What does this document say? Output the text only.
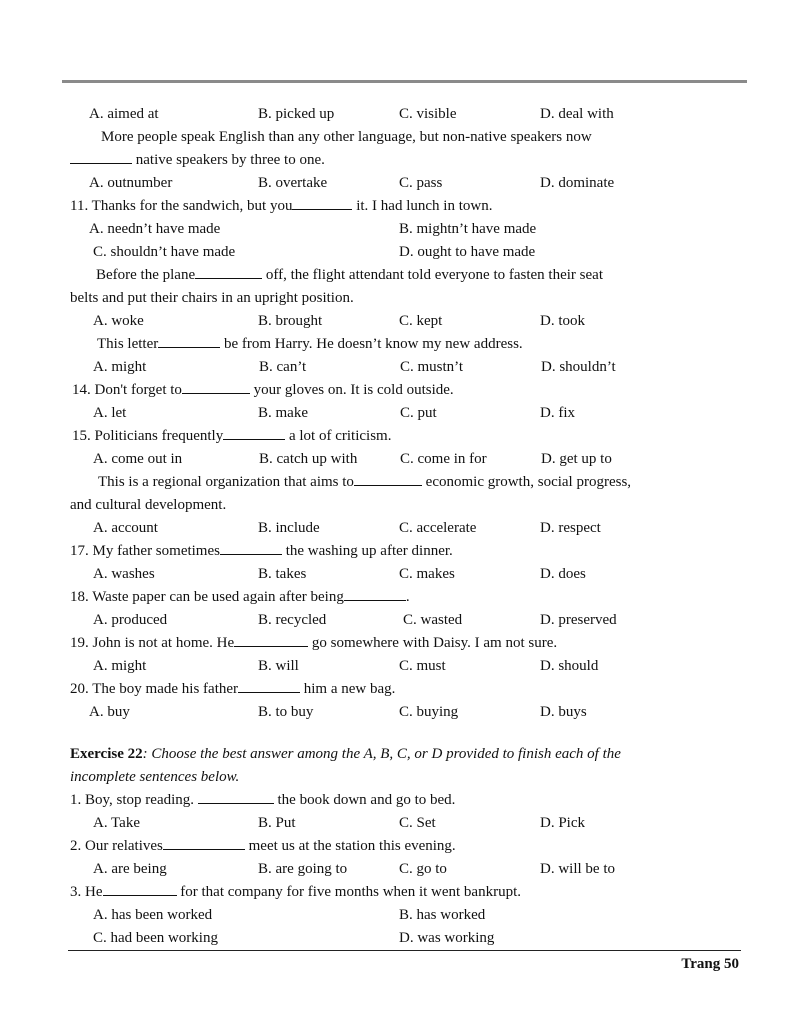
A. aimed at	B. picked up	C. visible	D. deal with
More people speak English than any other language, but non-native speakers now
native speakers by three to one.
A. outnumber	B. overtake	C. pass	D. dominate
11. Thanks for the sandwich, but you	it. I had lunch in town.
A. needn’t have made	B. mightn’t have made
C. shouldn’t have made	D. ought to have made
Before the plane	off, the flight attendant told everyone to fasten their seat
belts and put their chairs in an upright position.
A. woke	B. brought	C. kept	D. took
This letter	be from Harry. He doesn’t know my new address.
A. might	B. can’t	C. mustn’t	D. shouldn’t
14. Don't forget to	your gloves on. It is cold outside.
A. let	B. make	C. put	D. fix
15. Politicians frequently	a lot of criticism.
A. come out in	B. catch up with	C. come in for	D. get up to
This is a regional organization that aims to	economic growth, social progress,
and cultural development.
A. account	B. include	C. accelerate	D. respect
17. My father sometimes	the washing up after dinner.
A. washes	B. takes	C. makes	D. does
18. Waste paper can be used again after being	.
A. produced	B. recycled	C. wasted	D. preserved
19. John is not at home. He	go somewhere with Daisy. I am not sure.
A. might	B. will	C. must	D. should
20. The boy made his father	him a new bag.
A. buy	B. to buy	C. buying	D. buys
Exercise 22: Choose the best answer among the A, B, C, or D provided to finish each of the
incomplete sentences below.
1. Boy, stop reading.	the book down and go to bed.
A. Take	B. Put	C. Set	D. Pick
2. Our relatives	meet us at the station this evening.
A. are being	B. are going to	C. go to	D. will be to
3. He	for that company for five months when it went bankrupt.
A. has been worked	B. has worked
C. had been working	D. was working
Trang 50
